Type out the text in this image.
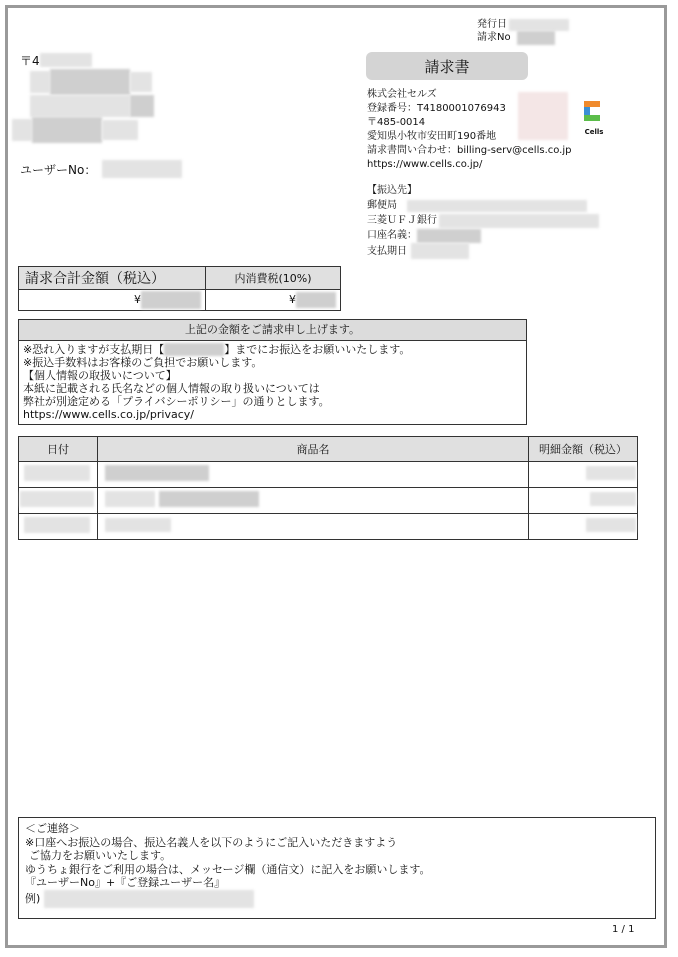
発行日
請求No
〒4
ユーザーNo：
請求書
株式会社セルズ
登録番号：T4180001076943
〒485-0014
愛知県小牧市安田町190番地
請求書問い合わせ：billing-serv@cells.co.jp
https://www.cells.co.jp/
Cells
【振込先】
郵便局
三菱ＵＦＪ銀行
口座名義：
支払期日
請求合計金額（税込）	内消費税(10%)
¥	¥
上記の金額をご請求申し上げます。
※恐れ入りますが支払期日【	】までにお振込をお願いいたします。
※振込手数料はお客様のご負担でお願いします。
【個人情報の取扱いについて】
本紙に記載される氏名などの個人情報の取り扱いについては
弊社が別途定める「プライバシーポリシー」の通りとします。
https://www.cells.co.jp/privacy/
日付	商品名	明細金額（税込）

＜ご連絡＞
※口座へお振込の場合、振込名義人を以下のようにご記入いただきますよう
ご協力をお願いいたします。
ゆうちょ銀行をご利用の場合は、メッセージ欄（通信文）に記入をお願いします。
『ユーザーNo』+『ご登録ユーザー名』
例)
1 / 1
